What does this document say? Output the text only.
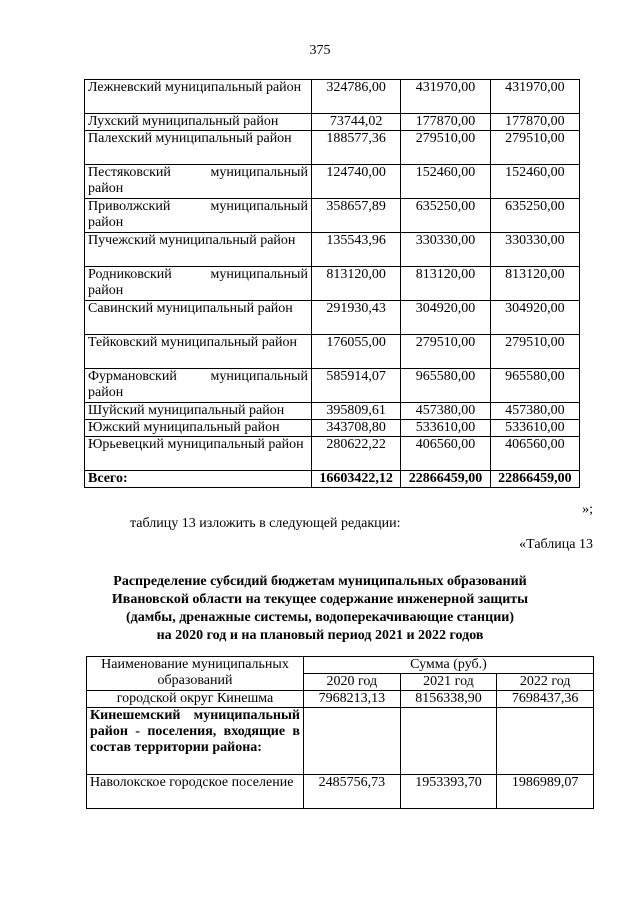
375
Лежневский муниципальный район	324786,00	431970,00	431970,00
Лухский муниципальный район	73744,02	177870,00	177870,00
Палехский муниципальный район	188577,36	279510,00	279510,00
Пестяковский муниципальный район	124740,00	152460,00	152460,00
Приволжский муниципальный район	358657,89	635250,00	635250,00
Пучежский муниципальный район	135543,96	330330,00	330330,00
Родниковский муниципальный район	813120,00	813120,00	813120,00
Савинский муниципальный район	291930,43	304920,00	304920,00
Тейковский муниципальный район	176055,00	279510,00	279510,00
Фурмановский муниципальный район	585914,07	965580,00	965580,00
Шуйский муниципальный район	395809,61	457380,00	457380,00
Южский муниципальный район	343708,80	533610,00	533610,00
Юрьевецкий муниципальный район	280622,22	406560,00	406560,00
Всего:	16603422,12	22866459,00	22866459,00
»;
таблицу 13 изложить в следующей редакции:
«Таблица 13
Распределение субсидий бюджетам муниципальных образований
Ивановской области на текущее содержание инженерной защиты
(дамбы, дренажные системы, водоперекачивающие станции)
на 2020 год и на плановый период 2021 и 2022 годов
Наименование муниципальных образований	Сумма (руб.)		
	2020 год	2021 год	2022 год
городской округ Кинешма	7968213,13	8156338,90	7698437,36
Кинешемский муниципальный район - поселения, входящие в состав территории района:			
Наволокское городское поселение	2485756,73	1953393,70	1986989,07
